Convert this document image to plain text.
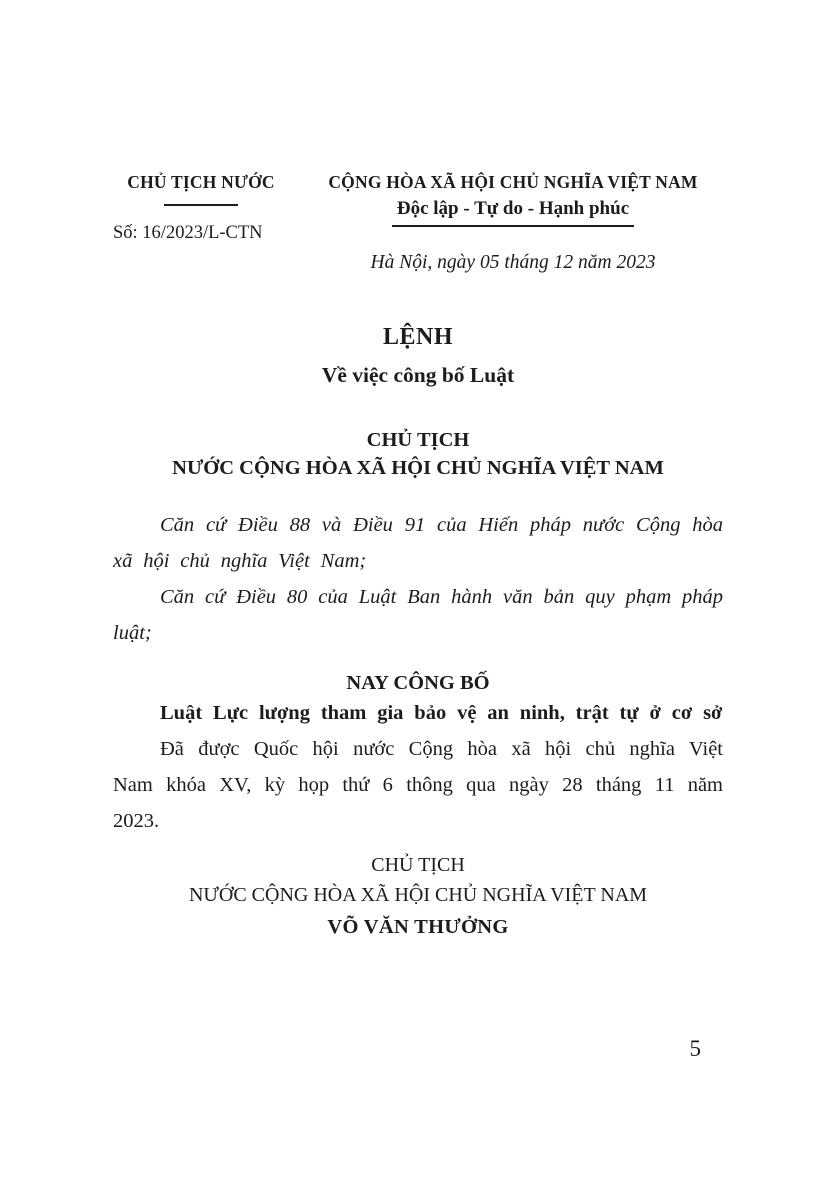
CHỦ TỊCH NƯỚC
Số: 16/2023/L-CTN
CỘNG HÒA XÃ HỘI CHỦ NGHĨA VIỆT NAM
Độc lập - Tự do - Hạnh phúc
Hà Nội, ngày 05 tháng 12 năm 2023
LỆNH
Về việc công bố Luật
CHỦ TỊCH
NƯỚC CỘNG HÒA XÃ HỘI CHỦ NGHĨA VIỆT NAM

Căn cứ Điều 88 và Điều 91 của Hiến pháp nước Cộng hòa xã hội chủ nghĩa Việt Nam;

Căn cứ Điều 80 của Luật Ban hành văn bản quy phạm pháp luật;

NAY CÔNG BỐ

Luật Lực lượng tham gia bảo vệ an ninh, trật tự ở cơ sở

Đã được Quốc hội nước Cộng hòa xã hội chủ nghĩa Việt Nam khóa XV, kỳ họp thứ 6 thông qua ngày 28 tháng 11 năm 2023.

CHỦ TỊCH
NƯỚC CỘNG HÒA XÃ HỘI CHỦ NGHĨA VIỆT NAM
VÕ VĂN THƯỞNG
5
